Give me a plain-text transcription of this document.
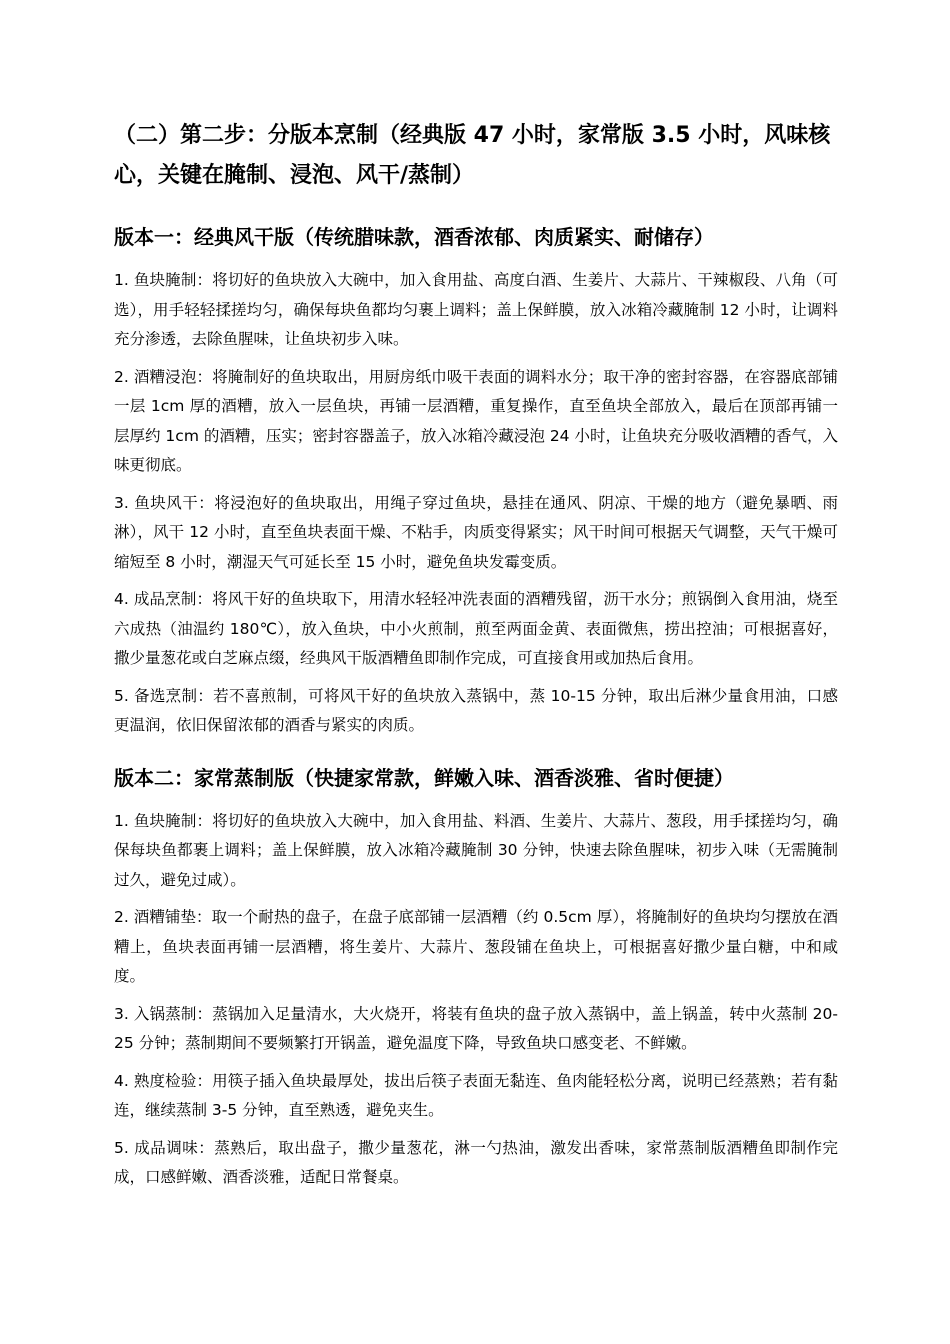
（二）第二步：分版本烹制（经典版 47 小时，家常版 3.5 小时，风味核心，关键在腌制、浸泡、风干/蒸制）
版本一：经典风干版（传统腊味款，酒香浓郁、肉质紧实、耐储存）

1. 鱼块腌制：将切好的鱼块放入大碗中，加入食用盐、高度白酒、生姜片、大蒜片、干辣椒段、八角（可选），用手轻轻揉搓均匀，确保每块鱼都均匀裹上调料；盖上保鲜膜，放入冰箱冷藏腌制 12 小时，让调料充分渗透，去除鱼腥味，让鱼块初步入味。

2. 酒糟浸泡：将腌制好的鱼块取出，用厨房纸巾吸干表面的调料水分；取干净的密封容器，在容器底部铺一层 1cm 厚的酒糟，放入一层鱼块，再铺一层酒糟，重复操作，直至鱼块全部放入，最后在顶部再铺一层厚约 1cm 的酒糟，压实；密封容器盖子，放入冰箱冷藏浸泡 24 小时，让鱼块充分吸收酒糟的香气，入味更彻底。

3. 鱼块风干：将浸泡好的鱼块取出，用绳子穿过鱼块，悬挂在通风、阴凉、干燥的地方（避免暴晒、雨淋），风干 12 小时，直至鱼块表面干燥、不粘手，肉质变得紧实；风干时间可根据天气调整，天气干燥可缩短至 8 小时，潮湿天气可延长至 15 小时，避免鱼块发霉变质。

4. 成品烹制：将风干好的鱼块取下，用清水轻轻冲洗表面的酒糟残留，沥干水分；煎锅倒入食用油，烧至六成热（油温约 180℃），放入鱼块，中小火煎制，煎至两面金黄、表面微焦，捞出控油；可根据喜好，撒少量葱花或白芝麻点缀，经典风干版酒糟鱼即制作完成，可直接食用或加热后食用。

5. 备选烹制：若不喜煎制，可将风干好的鱼块放入蒸锅中，蒸 10-15 分钟，取出后淋少量食用油，口感更温润，依旧保留浓郁的酒香与紧实的肉质。

版本二：家常蒸制版（快捷家常款，鲜嫩入味、酒香淡雅、省时便捷）

1. 鱼块腌制：将切好的鱼块放入大碗中，加入食用盐、料酒、生姜片、大蒜片、葱段，用手揉搓均匀，确保每块鱼都裹上调料；盖上保鲜膜，放入冰箱冷藏腌制 30 分钟，快速去除鱼腥味，初步入味（无需腌制过久，避免过咸）。

2. 酒糟铺垫：取一个耐热的盘子，在盘子底部铺一层酒糟（约 0.5cm 厚），将腌制好的鱼块均匀摆放在酒糟上，鱼块表面再铺一层酒糟，将生姜片、大蒜片、葱段铺在鱼块上，可根据喜好撒少量白糖，中和咸度。

3. 入锅蒸制：蒸锅加入足量清水，大火烧开，将装有鱼块的盘子放入蒸锅中，盖上锅盖，转中火蒸制 20-25 分钟；蒸制期间不要频繁打开锅盖，避免温度下降，导致鱼块口感变老、不鲜嫩。

4. 熟度检验：用筷子插入鱼块最厚处，拔出后筷子表面无黏连、鱼肉能轻松分离，说明已经蒸熟；若有黏连，继续蒸制 3-5 分钟，直至熟透，避免夹生。

5. 成品调味：蒸熟后，取出盘子，撒少量葱花，淋一勺热油，激发出香味，家常蒸制版酒糟鱼即制作完成，口感鲜嫩、酒香淡雅，适配日常餐桌。
